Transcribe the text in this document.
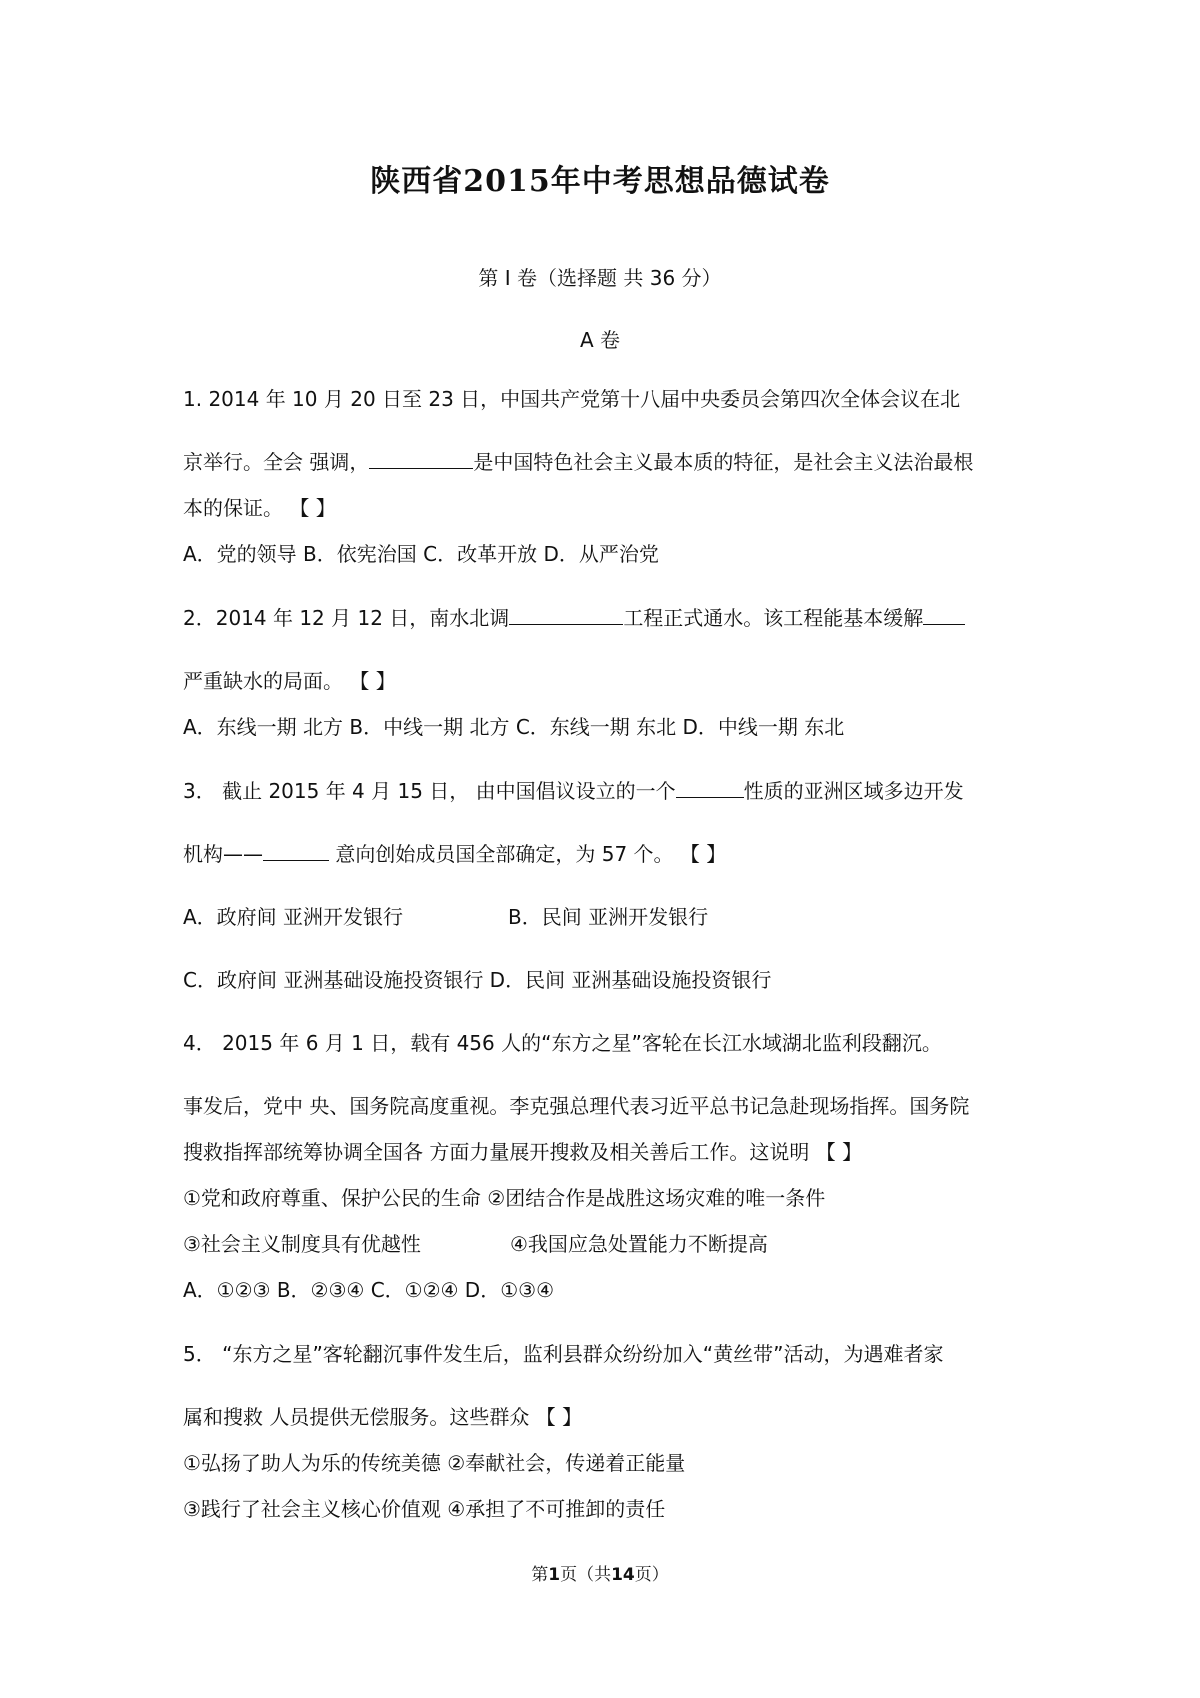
陕西省2015年中考思想品德试卷
第 I 卷（选择题 共 36 分）
A 卷
1. 2014 年 10 月 20 日至 23 日，中国共产党第十八届中央委员会第四次全体会议在北
京举行。全会 强调，	是中国特色社会主义最本质的特征，是社会主义法治最根
本的保证。 【 】
A．党的领导 B．依宪治国 C．改革开放 D．从严治党
2．2014 年 12 月 12 日，南水北调	工程正式通水。该工程能基本缓解
严重缺水的局面。 【 】
A．东线一期 北方 B．中线一期 北方 C．东线一期 东北 D．中线一期 东北
3． 截止 2015 年 4 月 15 日， 由中国倡议设立的一个	性质的亚洲区域多边开发
机构——	意向创始成员国全部确定，为 57 个。 【 】
A．政府间 亚洲开发银行	B．民间 亚洲开发银行
C．政府间 亚洲基础设施投资银行 D．民间 亚洲基础设施投资银行
4． 2015 年 6 月 1 日，载有 456 人的“东方之星”客轮在长江水域湖北监利段翻沉。
事发后，党中 央、国务院高度重视。李克强总理代表习近平总书记急赴现场指挥。国务院
搜救指挥部统筹协调全国各 方面力量展开搜救及相关善后工作。这说明 【 】
①党和政府尊重、保护公民的生命 ②团结合作是战胜这场灾难的唯一条件
③社会主义制度具有优越性	④我国应急处置能力不断提高
A．①②③ B．②③④ C．①②④ D．①③④
5． “东方之星”客轮翻沉事件发生后，监利县群众纷纷加入“黄丝带”活动，为遇难者家
属和搜救 人员提供无偿服务。这些群众 【 】
①弘扬了助人为乐的传统美德 ②奉献社会，传递着正能量
③践行了社会主义核心价值观 ④承担了不可推卸的责任
第1页（共14页）
